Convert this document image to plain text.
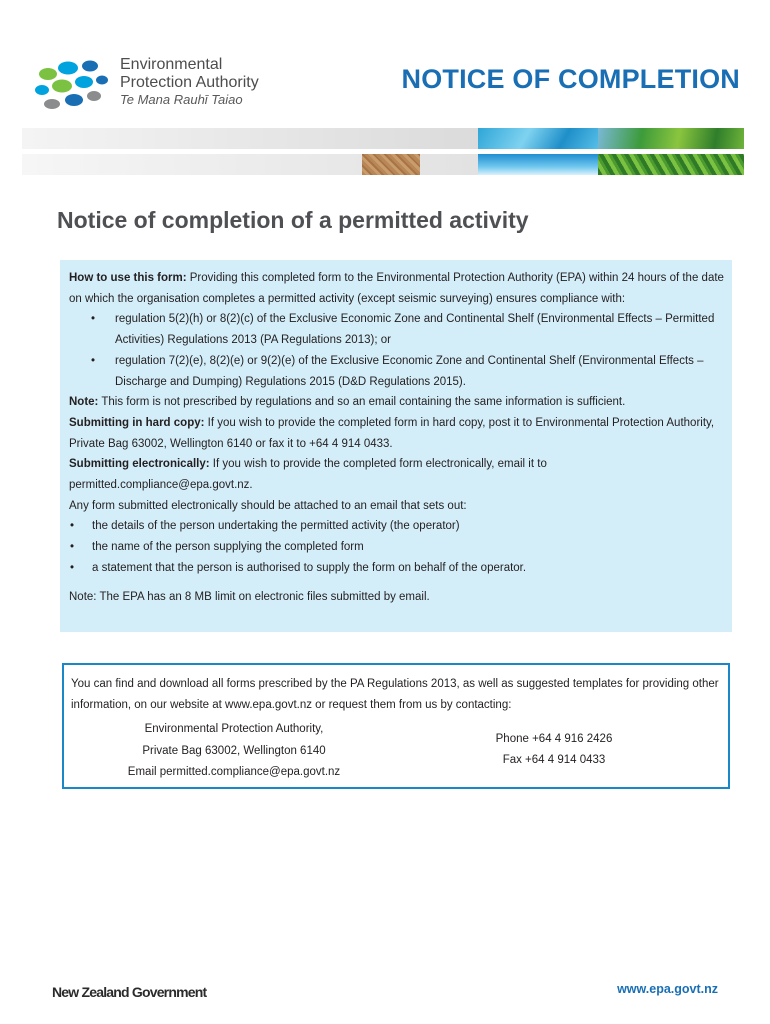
Environmental
Protection Authority
Te Mana Rauhī Taiao
NOTICE OF COMPLETION
Notice of completion of a permitted activity

How to use this form: Providing this completed form to the Environmental Protection Authority (EPA) within 24 hours of the date on which the organisation completes a permitted activity (except seismic surveying) ensures compliance with:

• regulation 5(2)(h) or 8(2)(c) of the Exclusive Economic Zone and Continental Shelf (Environmental Effects – Permitted Activities) Regulations 2013 (PA Regulations 2013); or
• regulation 7(2)(e), 8(2)(e) or 9(2)(e) of the Exclusive Economic Zone and Continental Shelf (Environmental Effects – Discharge and Dumping) Regulations 2015 (D&D Regulations 2015).

Note: This form is not prescribed by regulations and so an email containing the same information is sufficient.

Submitting in hard copy: If you wish to provide the completed form in hard copy, post it to Environmental Protection Authority, Private Bag 63002, Wellington 6140 or fax it to +64 4 914 0433.

Submitting electronically: If you wish to provide the completed form electronically, email it to permitted.compliance@epa.govt.nz.

Any form submitted electronically should be attached to an email that sets out:

• the details of the person undertaking the permitted activity (the operator)
• the name of the person supplying the completed form
• a statement that the person is authorised to supply the form on behalf of the operator.

Note: The EPA has an 8 MB limit on electronic files submitted by email.

You can find and download all forms prescribed by the PA Regulations 2013, as well as suggested templates for providing other information, on our website at www.epa.govt.nz or request them from us by contacting:

Environmental Protection Authority,
Private Bag 63002, Wellington 6140
Email permitted.compliance@epa.govt.nz
Phone +64 4 916 2426
Fax +64 4 914 0433
New Zealand Government	www.epa.govt.nz
